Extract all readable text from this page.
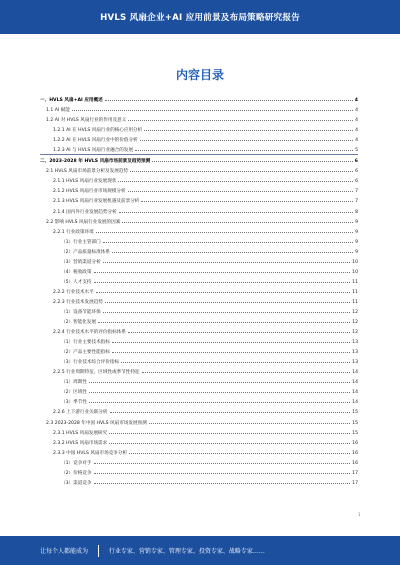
HVLS 风扇企业+AI 应用前景及布局策略研究报告
内容目录
一、HVLS 风扇+AI 应用概述	4
1.1 AI 赋能	4
1.2 AI 对 HVLS 风扇行业的作用及意义	4
1.2.1 AI 在 HVLS 风扇行业的核心应用分析	4
1.2.2 AI 在 HVLS 风扇行业中的价值分析	4
1.2.3 AI 与 HVLS 风扇行业融合的发展	5
二、2023-2028 年 HVLS 风扇市场前景及趋势预测	6
2.1 HVLS 风扇市场前景分析及发展趋势	6
2.1.1 HVLS 风扇行业发展现状	6
2.1.2 HVLS 风扇行业市场规模分析	7
2.1.3 HVLS 风扇行业发展机遇及前景分析	7
2.1.4 国内外行业发展趋势分析	8
2.2 影响 HVLS 风扇行业发展的因素	9
2.2.1 行业政策环境	9
（1）行业主管部门	9
（2）产品质量标准体系	9
（3）营销渠道分析	10
（4）税收政策	10
（5）人才支持	11
2.2.2 行业技术水平	11
2.2.3 行业技术发展趋势	11
（1）设备节能环保	12
（2）智能化发展	12
2.2.4 行业技术水平的评价指标体系	12
（1）行业主要技术指标	13
（2）产品主要性能指标	13
（3）行业技术综合评价指标	13
2.2.5 行业周期特征、区域性或季节性特征	14
（1）周期性	14
（2）区域性	14
（3）季节性	14
2.2.6 上下游行业关联分析	15
2.3 2023-2028 年中国 HVLS 风扇市场发展预测	15
2.3.1 HVLS 风扇发展研究	15
2.3.2 HVLS 风扇市场需求	16
2.3.3 中国 HVLS 风扇市场竞争分析	16
（1）竞争对手	16
（2）价格竞争	17
（3）渠道竞争	17
1
让每个人都能成为	行业专家、营销专家、管理专家、投资专家、战略专家……
